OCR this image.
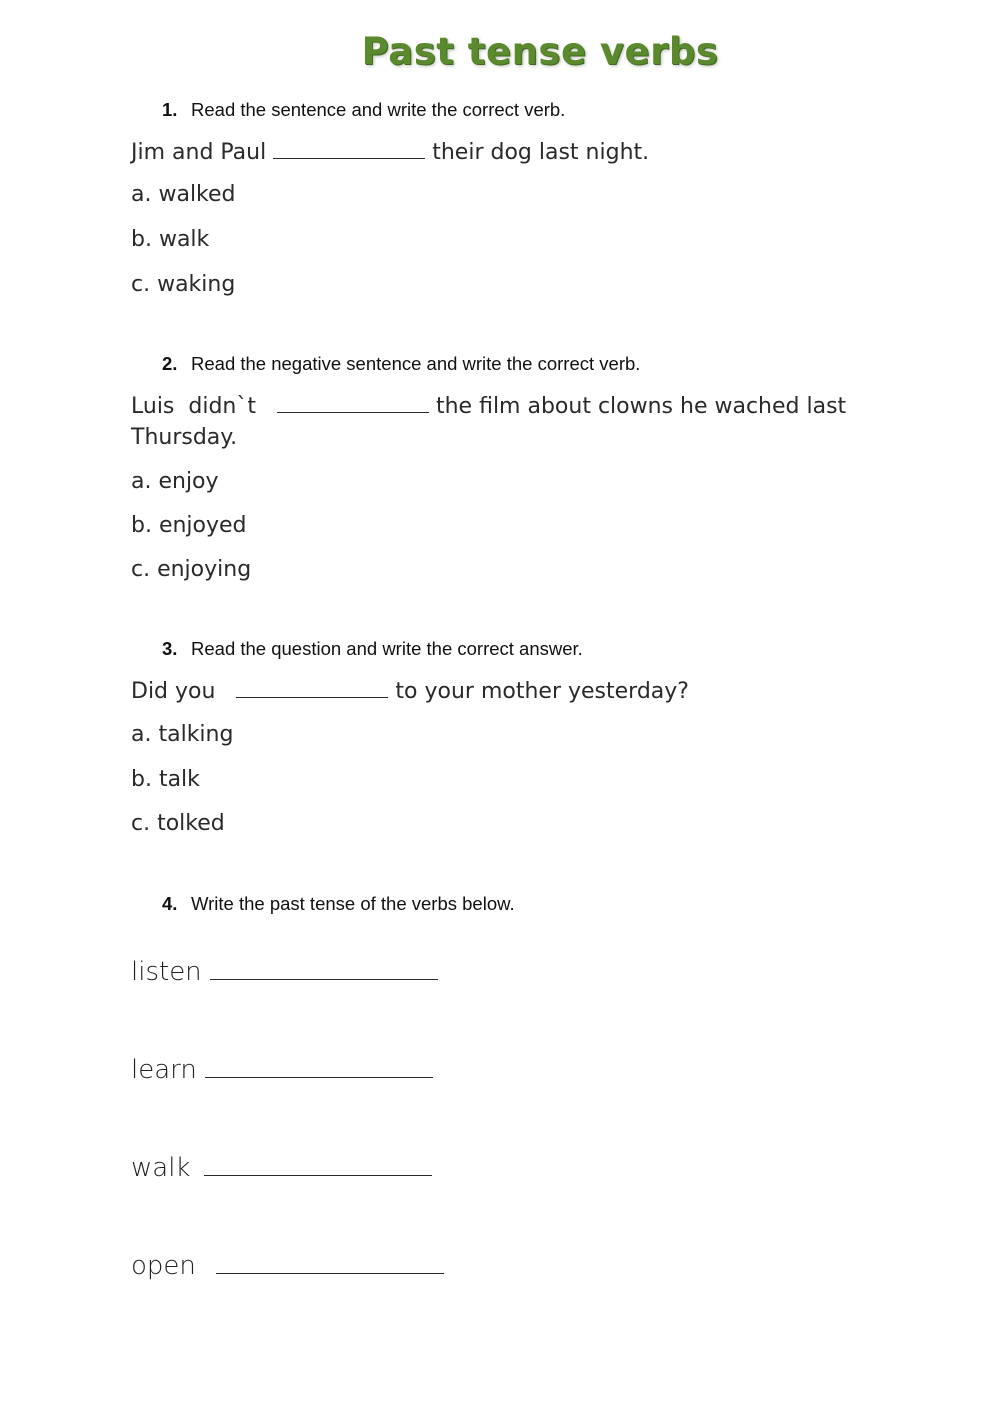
Past tense verbs
1. Read the sentence and write the correct verb.
Jim and Paul	their dog last night.
a. walked
b. walk
c. waking
2. Read the negative sentence and write the correct verb.
Luis  didn`t	the film about clowns he wached last Thursday.
a. enjoy
b. enjoyed
c. enjoying
3. Read the question and write the correct answer.
Did you	to your mother yesterday?
a. talking
b. talk
c. tolked
4. Write the past tense of the verbs below.
listen
learn
walk
open
